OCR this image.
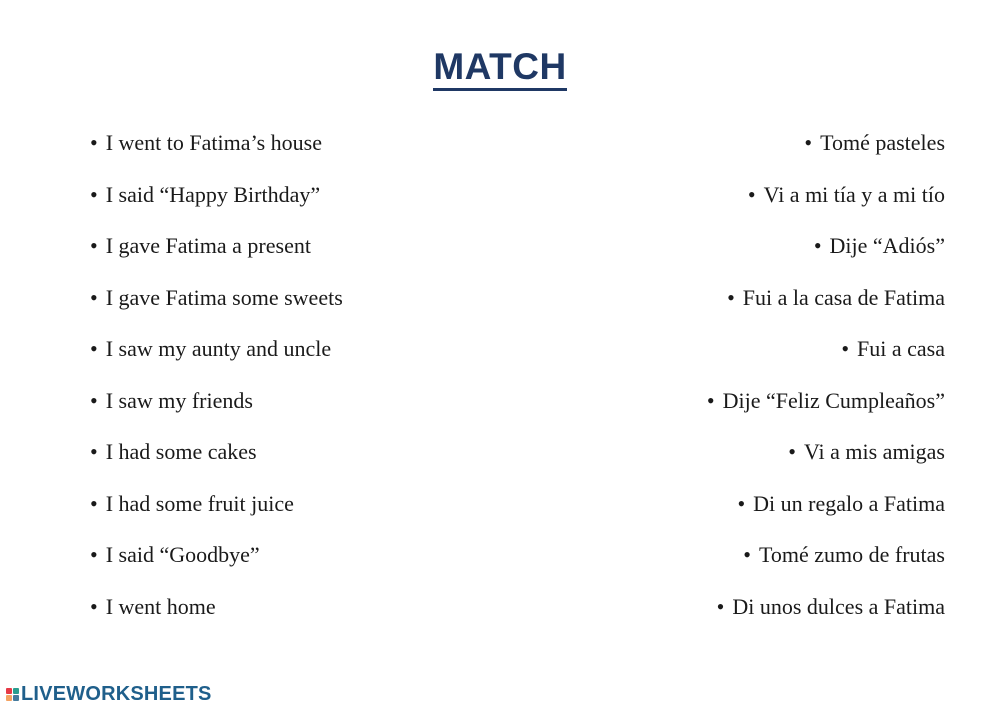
MATCH
• I went to Fatima’s house
• I said “Happy Birthday”
• I gave Fatima a present
• I gave Fatima some sweets
• I saw my aunty and uncle
• I saw my friends
• I had some cakes
• I had some fruit juice
• I said “Goodbye”
• I went home
• Tomé pasteles
• Vi a mi tía y a mi tío
• Dije “Adiós”
• Fui a la casa de Fatima
• Fui a casa
• Dije “Feliz Cumpleaños”
• Vi a mis amigas
• Di un regalo a Fatima
• Tomé zumo de frutas
• Di unos dulces a Fatima
LIVEWORKSHEETS
